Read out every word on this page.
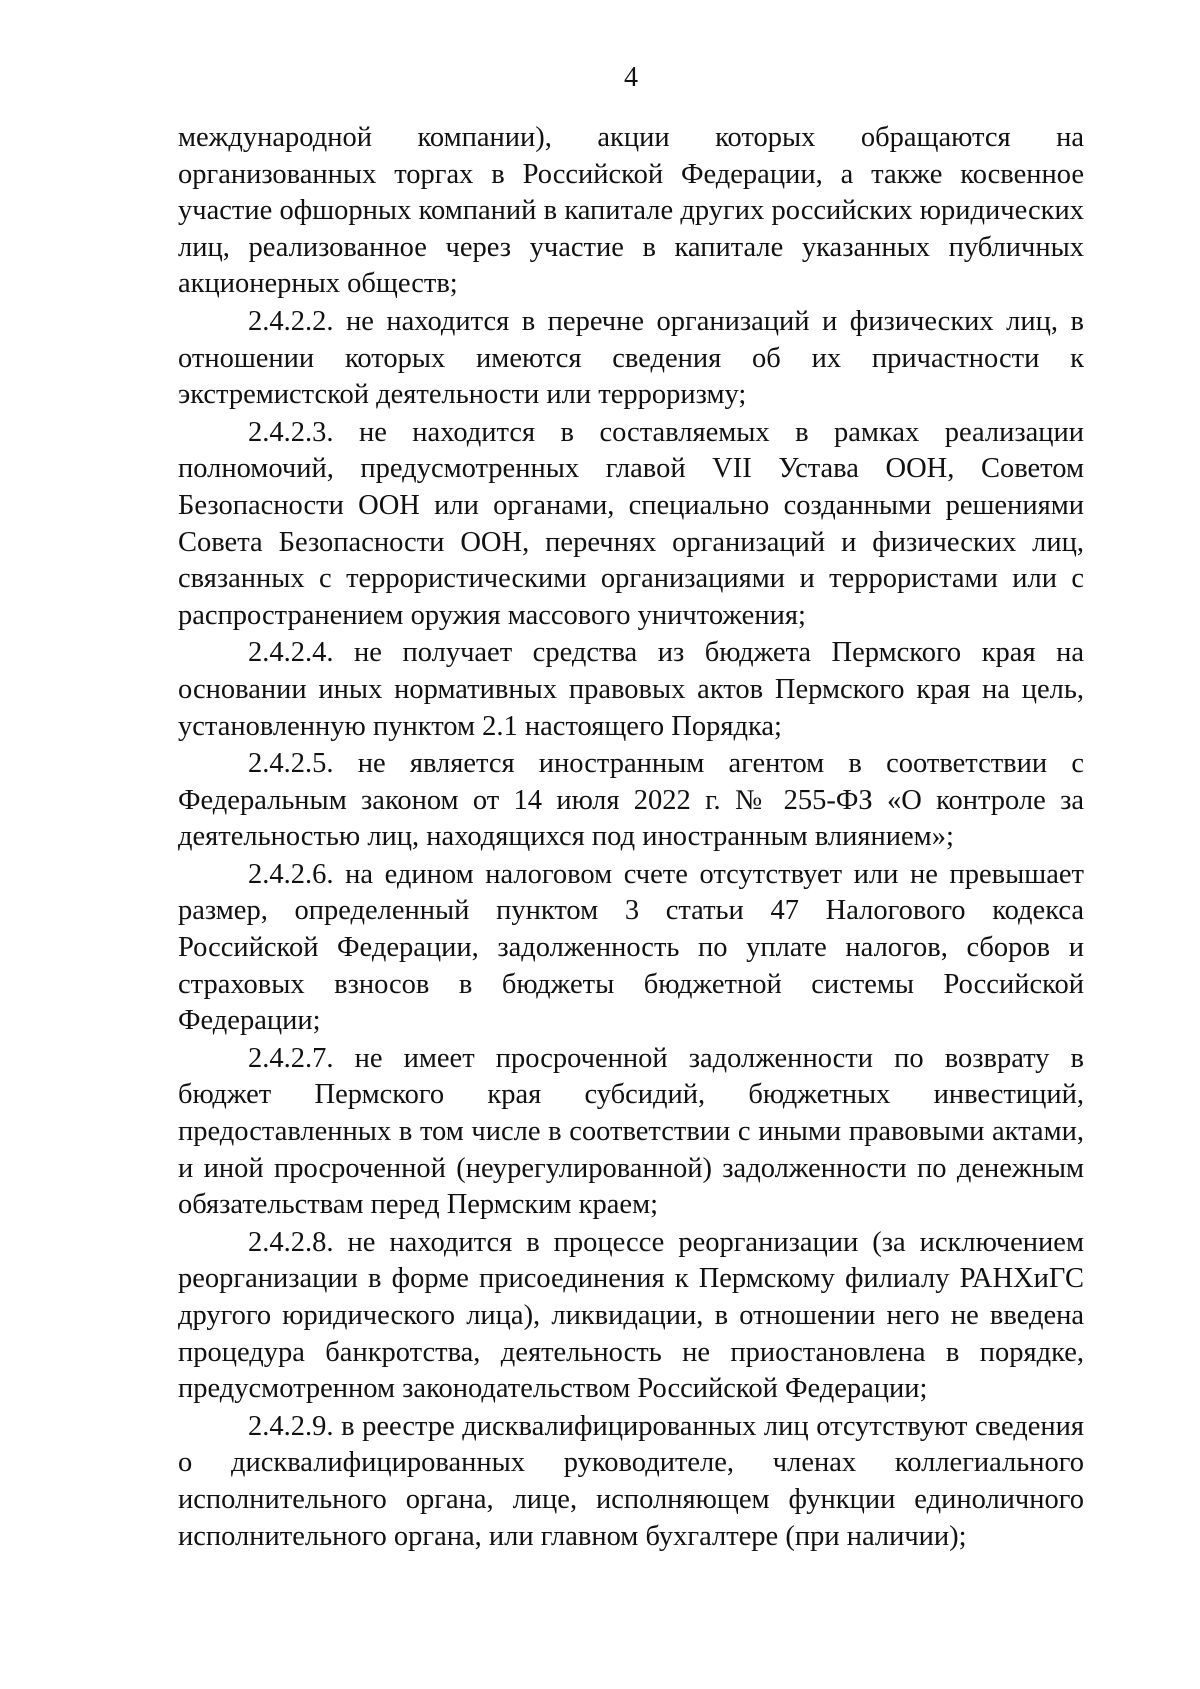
4

международной компании), акции которых обращаются на организованных торгах в Российской Федерации, а также косвенное участие офшорных компаний в капитале других российских юридических лиц, реализованное через участие в капитале указанных публичных акционерных обществ;

2.4.2.2. не находится в перечне организаций и физических лиц, в отношении которых имеются сведения об их причастности к экстремистской деятельности или терроризму;

2.4.2.3. не находится в составляемых в рамках реализации полномочий, предусмотренных главой VII Устава ООН, Советом Безопасности ООН или органами, специально созданными решениями Совета Безопасности ООН, перечнях организаций и физических лиц, связанных с террористическими организациями и террористами или с распространением оружия массового уничтожения;

2.4.2.4. не получает средства из бюджета Пермского края на основании иных нормативных правовых актов Пермского края на цель, установленную пунктом 2.1 настоящего Порядка;

2.4.2.5. не является иностранным агентом в соответствии с Федеральным законом от 14 июля 2022 г. № 255-ФЗ «О контроле за деятельностью лиц, находящихся под иностранным влиянием»;

2.4.2.6. на едином налоговом счете отсутствует или не превышает размер, определенный пунктом 3 статьи 47 Налогового кодекса Российской Федерации, задолженность по уплате налогов, сборов и страховых взносов в бюджеты бюджетной системы Российской Федерации;

2.4.2.7. не имеет просроченной задолженности по возврату в бюджет Пермского края субсидий, бюджетных инвестиций, предоставленных в том числе в соответствии с иными правовыми актами, и иной просроченной (неурегулированной) задолженности по денежным обязательствам перед Пермским краем;

2.4.2.8. не находится в процессе реорганизации (за исключением реорганизации в форме присоединения к Пермскому филиалу РАНХиГС другого юридического лица), ликвидации, в отношении него не введена процедура банкротства, деятельность не приостановлена в порядке, предусмотренном законодательством Российской Федерации;

2.4.2.9. в реестре дисквалифицированных лиц отсутствуют сведения о дисквалифицированных руководителе, членах коллегиального исполнительного органа, лице, исполняющем функции единоличного исполнительного органа, или главном бухгалтере (при наличии);
